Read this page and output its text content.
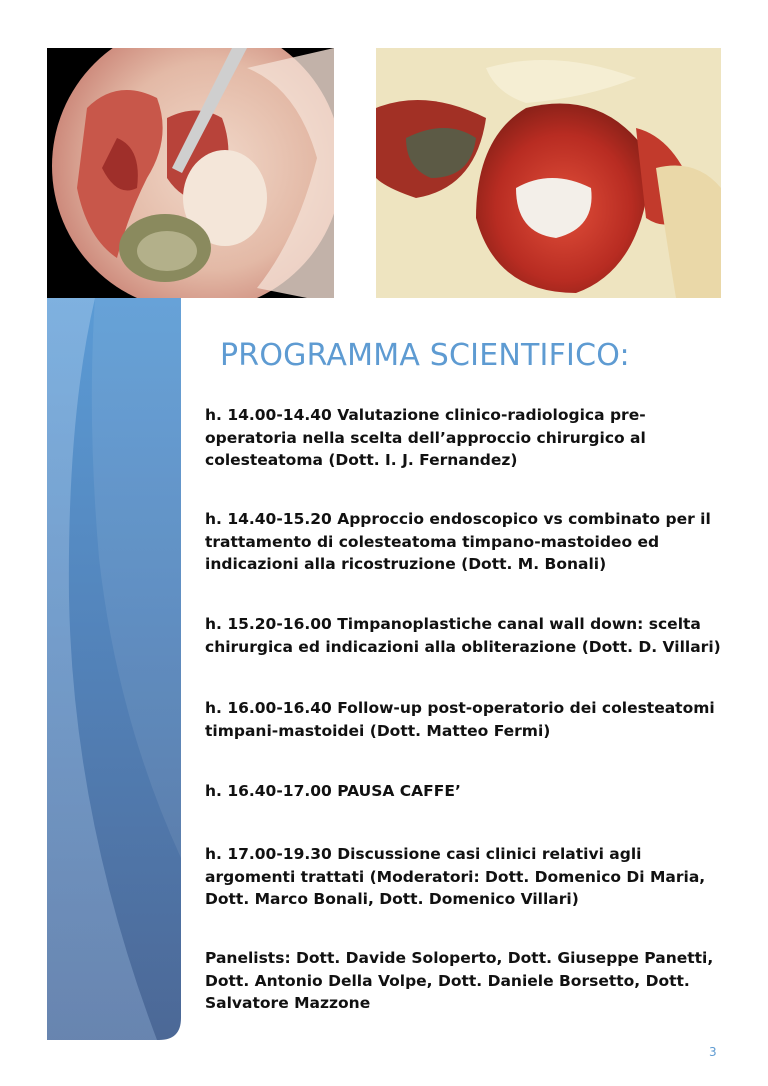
PROGRAMMA SCIENTIFICO:
h. 14.00-14.40 Valutazione clinico-radiologica pre-operatoria nella scelta dell’approccio chirurgico al colesteatoma (Dott. I. J. Fernandez)
h. 14.40-15.20 Approccio endoscopico vs combinato per il trattamento di colesteatoma timpano-mastoideo ed indicazioni alla ricostruzione (Dott. M. Bonali)
h. 15.20-16.00 Timpanoplastiche canal wall down: scelta chirurgica ed indicazioni alla obliterazione (Dott. D. Villari)
h. 16.00-16.40 Follow-up post-operatorio dei colesteatomi timpani-mastoidei (Dott. Matteo Fermi)
h. 16.40-17.00 PAUSA CAFFE’
h. 17.00-19.30 Discussione casi clinici relativi agli argomenti trattati (Moderatori: Dott. Domenico Di Maria, Dott. Marco Bonali, Dott. Domenico Villari)
Panelists: Dott. Davide Soloperto, Dott. Giuseppe Panetti, Dott. Antonio Della Volpe, Dott. Daniele Borsetto, Dott. Salvatore Mazzone
3
